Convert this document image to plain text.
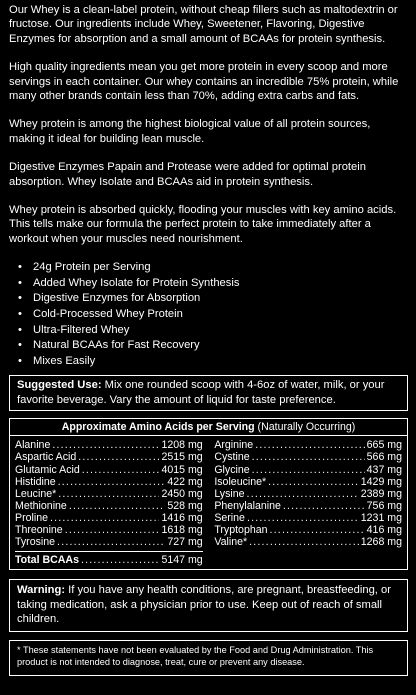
Our Whey is a clean-label protein, without cheap fillers such as maltodextrin or fructose. Our ingredients include Whey, Sweetener, Flavoring, Digestive Enzymes for absorption and a small amount of BCAAs for protein synthesis.

High quality ingredients mean you get more protein in every scoop and more servings in each container. Our whey contains an incredible 75% protein, while many other brands contain less than 70%, adding extra carbs and fats.

Whey protein is among the highest biological value of all protein sources, making it ideal for building lean muscle.

Digestive Enzymes Papain and Protease were added for optimal protein absorption. Whey Isolate and BCAAs aid in protein synthesis.

Whey protein is absorbed quickly, flooding your muscles with key amino acids. This tells make our formula the perfect protein to take immediately after a workout when your muscles need nourishment.

• 24g Protein per Serving
• Added Whey Isolate for Protein Synthesis
• Digestive Enzymes for Absorption
• Cold-Processed Whey Protein
• Ultra-Filtered Whey
• Natural BCAAs for Fast Recovery
• Mixes Easily
Suggested Use: Mix one rounded scoop with 4-6oz of water, milk, or your favorite beverage. Vary the amount of liquid for taste preference.
Approximate Amino Acids per Serving (Naturally Occurring)
Alanine .....	1208 mg
Aspartic Acid .....	2515 mg
Glutamic Acid .....	4015 mg
Histidine .....	422 mg
Leucine* .....	2450 mg
Methionine .....	528 mg
Proline .....	1416 mg
Threonine .....	1618 mg
Tyrosine .....	727 mg
Arginine .....	665 mg
Cystine .....	566 mg
Glycine .....	437 mg
Isoleucine* .....	1429 mg
Lysine .....	2389 mg
Phenylalanine .....	756 mg
Serine .....	1231 mg
Tryptophan .....	416 mg
Valine* .....	1268 mg
Total BCAAs .....	5147 mg
Warning: If you have any health conditions, are pregnant, breastfeeding, or taking medication, ask a physician prior to use. Keep out of reach of small children.
* These statements have not been evaluated by the Food and Drug Administration. This product is not intended to diagnose, treat, cure or prevent any disease.
